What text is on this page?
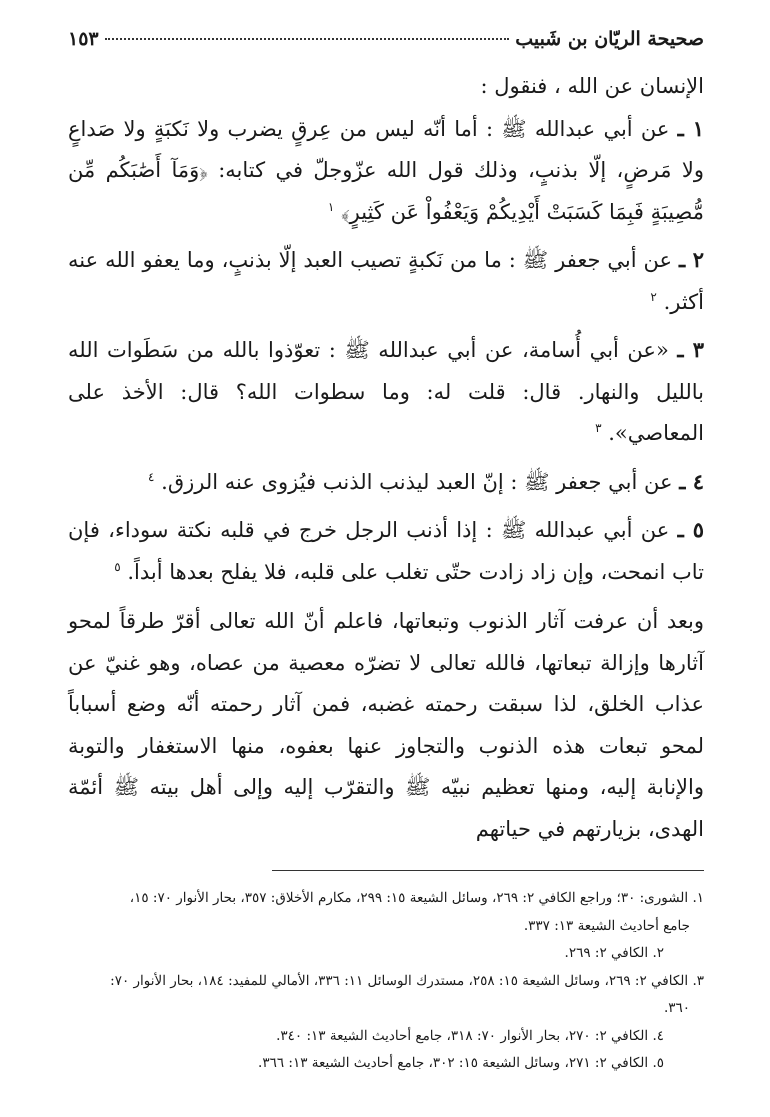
صحيحة الريّان بن شَبيب
١٥٣

الإنسان عن الله ، فنقول :

١ ـ عن أبي عبدالله ﷺ : أما أنّه ليس من عِرقٍ يضرب ولا نَكبَةٍ ولا صَداعٍ ولا مَرضٍ، إلّا بذنبٍ، وذلك قول الله عزّوجلّ في كتابه: ﴿وَمَآ أَصَٰبَكُم مِّن مُّصِيبَةٍ فَبِمَا كَسَبَتْ أَيْدِيكُمْ وَيَعْفُواْ عَن كَثِيرٍ﴾ $^١$

٢ ـ عن أبي جعفر ﷺ : ما من نَكبةٍ تصيب العبد إلّا بذنبٍ، وما يعفو الله عنه أكثر. $^٢$

٣ ـ «عن أبي أُسامة، عن أبي عبدالله ﷺ : تعوّذوا بالله من سَطَوات الله بالليل والنهار. قال: قلت له: وما سطوات الله؟ قال: الأخذ على المعاصي». $^٣$

٤ ـ عن أبي جعفر ﷺ : إنّ العبد ليذنب الذنب فيُزوى عنه الرزق. $^٤$

٥ ـ عن أبي عبدالله ﷺ : إذا أذنب الرجل خرج في قلبه نكتة سوداء، فإن تاب انمحت، وإن زاد زادت حتّى تغلب على قلبه، فلا يفلح بعدها أبداً. $^٥$

وبعد أن عرفت آثار الذنوب وتبعاتها، فاعلم أنّ الله تعالى أقرّ طرقاً لمحو آثارها وإزالة تبعاتها، فالله تعالى لا تضرّه معصية من عصاه، وهو غنيّ عن عذاب الخلق، لذا سبقت رحمته غضبه، فمن آثار رحمته أنّه وضع أسباباً لمحو تبعات هذه الذنوب والتجاوز عنها بعفوه، منها الاستغفار والتوبة والإنابة إليه، ومنها تعظيم نبيّه ﷺ والتقرّب إليه وإلى أهل بيته ﷺ أئمّة الهدى، بزيارتهم في حياتهم

١. الشورى: ٣٠؛ وراجع الكافي ٢: ٢٦٩، وسائل الشيعة ١٥: ٢٩٩، مكارم الأخلاق: ٣٥٧، بحار الأنوار ٧٠: ١٥،

جامع أحاديث الشيعة ١٣: ٣٣٧.

٢. الكافي ٢: ٢٦٩.

٣. الكافي ٢: ٢٦٩، وسائل الشيعة ١٥: ٢٥٨، مستدرك الوسائل ١١: ٣٣٦، الأمالي للمفيد: ١٨٤، بحار الأنوار ٧٠:

٣٦٠.

٤. الكافي ٢: ٢٧٠، بحار الأنوار ٧٠: ٣١٨، جامع أحاديث الشيعة ١٣: ٣٤٠.

٥. الكافي ٢: ٢٧١، وسائل الشيعة ١٥: ٣٠٢، جامع أحاديث الشيعة ١٣: ٣٦٦.
